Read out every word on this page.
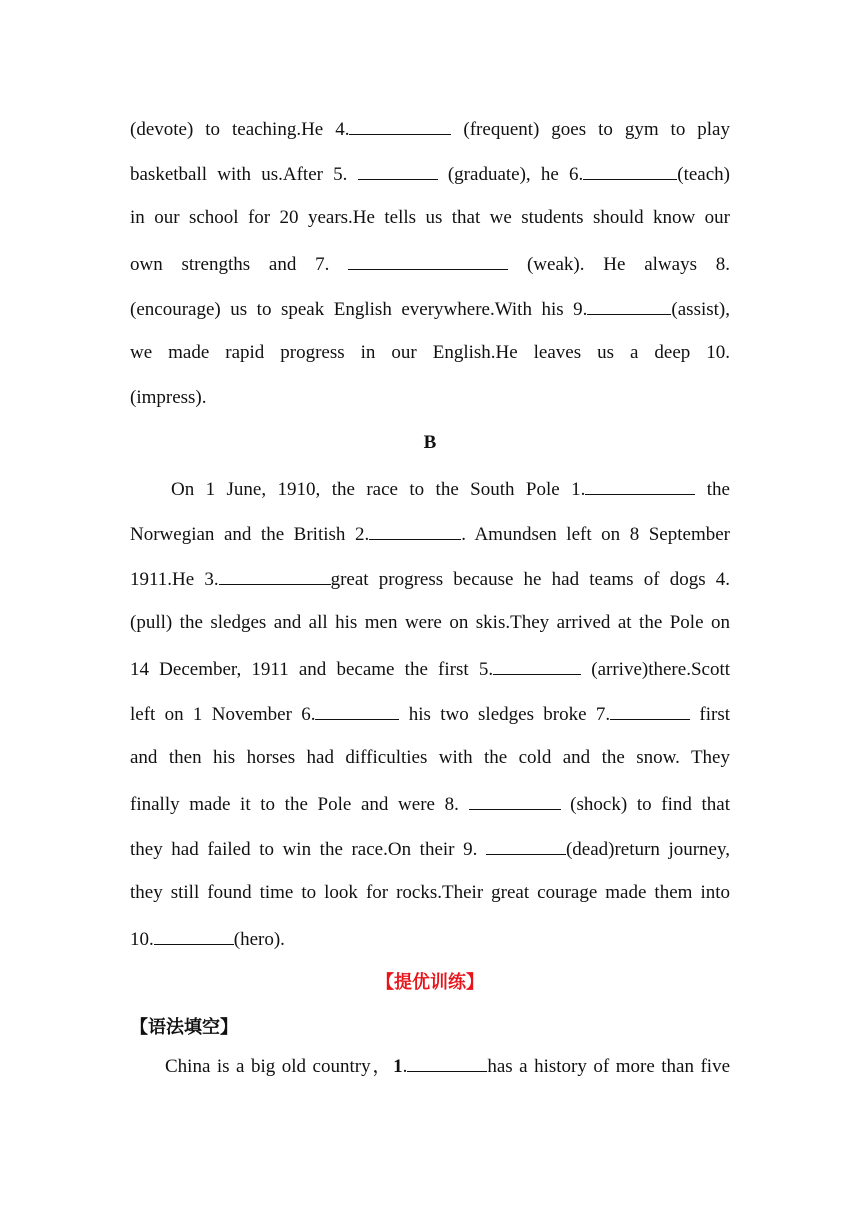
(devote) to teaching.He 4.	(frequent) goes to gym to play
basketball with us.After 5.	(graduate), he 6.	(teach)
in our school for 20 years.He tells us that we students should know our
own strengths and 7.	(weak). He always 8.
(encourage) us to speak English everywhere.With his 9.	(assist),
we made rapid progress in our English.He leaves us a deep 10.
(impress).
B
On 1 June, 1910, the race to the South Pole 1.	the
Norwegian and the British 2.	. Amundsen left on 8 September
1911.He 3.	great progress because he had teams of dogs 4.
(pull) the sledges and all his men were on skis.They arrived at the Pole on
14 December, 1911 and became the first 5.	(arrive)there.Scott
left on 1 November 6.	his two sledges broke 7.	first
and then his horses had difficulties with the cold and the snow. They
finally made it to the Pole and were 8.	(shock) to find that
they had failed to win the race.On their 9.	(dead)return journey,
they still found time to look for rocks.Their great courage made them into
10.	(hero).
【提优训练】
【语法填空】
China is a big old country，1.	has a history of more than five
